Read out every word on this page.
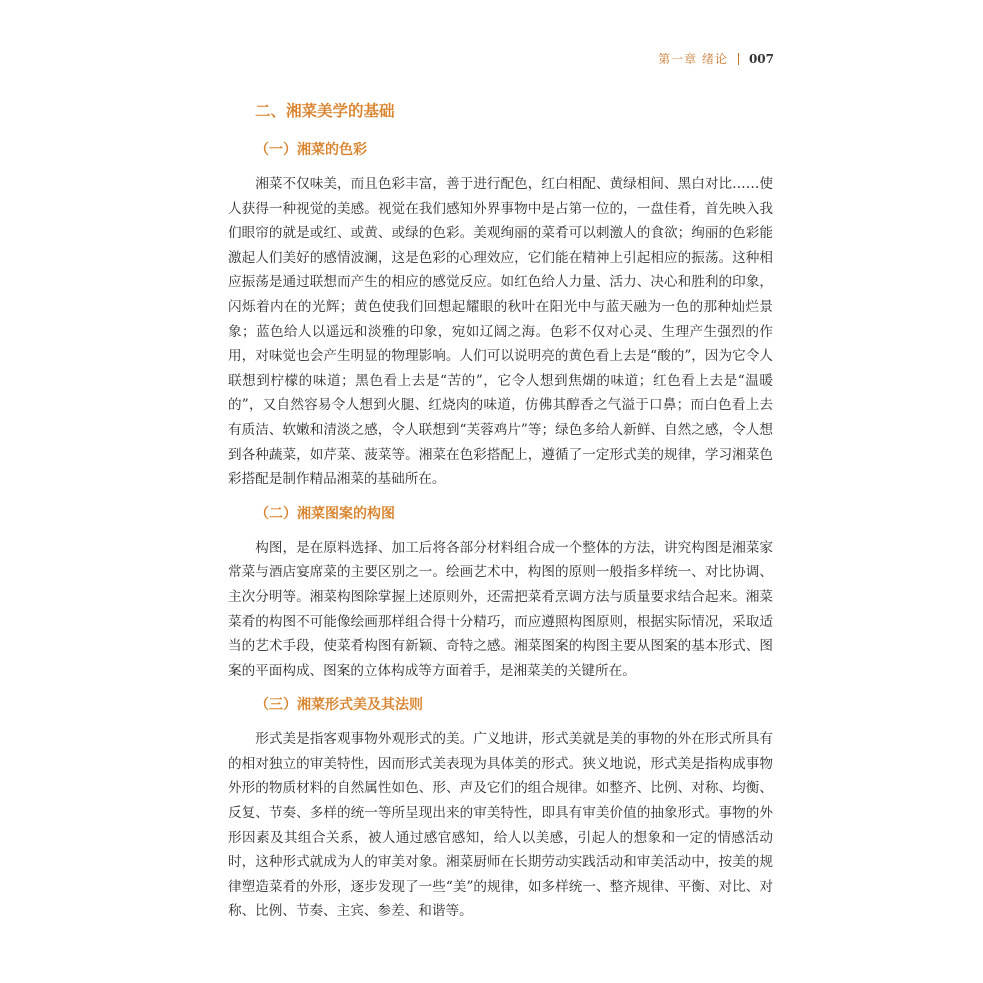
第一章 绪论 007
二、湘菜美学的基础
（一）湘菜的色彩

湘菜不仅味美，而且色彩丰富，善于进行配色，红白相配、黄绿相间、黑白对比……使人获得一种视觉的美感。视觉在我们感知外界事物中是占第一位的，一盘佳肴，首先映入我们眼帘的就是或红、或黄、或绿的色彩。美观绚丽的菜肴可以刺激人的食欲；绚丽的色彩能激起人们美好的感情波澜，这是色彩的心理效应，它们能在精神上引起相应的振荡。这种相应振荡是通过联想而产生的相应的感觉反应。如红色给人力量、活力、决心和胜利的印象，闪烁着内在的光辉；黄色使我们回想起耀眼的秋叶在阳光中与蓝天融为一色的那种灿烂景象；蓝色给人以遥远和淡雅的印象，宛如辽阔之海。色彩不仅对心灵、生理产生强烈的作用，对味觉也会产生明显的物理影响。人们可以说明亮的黄色看上去是“酸的”，因为它令人联想到柠檬的味道；黑色看上去是“苦的”，它令人想到焦煳的味道；红色看上去是“温暖的”，又自然容易令人想到火腿、红烧肉的味道，仿佛其醇香之气溢于口鼻；而白色看上去有质洁、软嫩和清淡之感，令人联想到“芙蓉鸡片”等；绿色多给人新鲜、自然之感，令人想到各种蔬菜，如芹菜、菠菜等。湘菜在色彩搭配上，遵循了一定形式美的规律，学习湘菜色彩搭配是制作精品湘菜的基础所在。

（二）湘菜图案的构图

构图，是在原料选择、加工后将各部分材料组合成一个整体的方法，讲究构图是湘菜家常菜与酒店宴席菜的主要区别之一。绘画艺术中，构图的原则一般指多样统一、对比协调、主次分明等。湘菜构图除掌握上述原则外，还需把菜肴烹调方法与质量要求结合起来。湘菜菜肴的构图不可能像绘画那样组合得十分精巧，而应遵照构图原则，根据实际情况，采取适当的艺术手段，使菜肴构图有新颖、奇特之感。湘菜图案的构图主要从图案的基本形式、图案的平面构成、图案的立体构成等方面着手，是湘菜美的关键所在。

（三）湘菜形式美及其法则

形式美是指客观事物外观形式的美。广义地讲，形式美就是美的事物的外在形式所具有的相对独立的审美特性，因而形式美表现为具体美的形式。狭义地说，形式美是指构成事物外形的物质材料的自然属性如色、形、声及它们的组合规律。如整齐、比例、对称、均衡、反复、节奏、多样的统一等所呈现出来的审美特性，即具有审美价值的抽象形式。事物的外形因素及其组合关系，被人通过感官感知，给人以美感，引起人的想象和一定的情感活动时，这种形式就成为人的审美对象。湘菜厨师在长期劳动实践活动和审美活动中，按美的规律塑造菜肴的外形，逐步发现了一些“美”的规律，如多样统一、整齐规律、平衡、对比、对称、比例、节奏、主宾、参差、和谐等。
